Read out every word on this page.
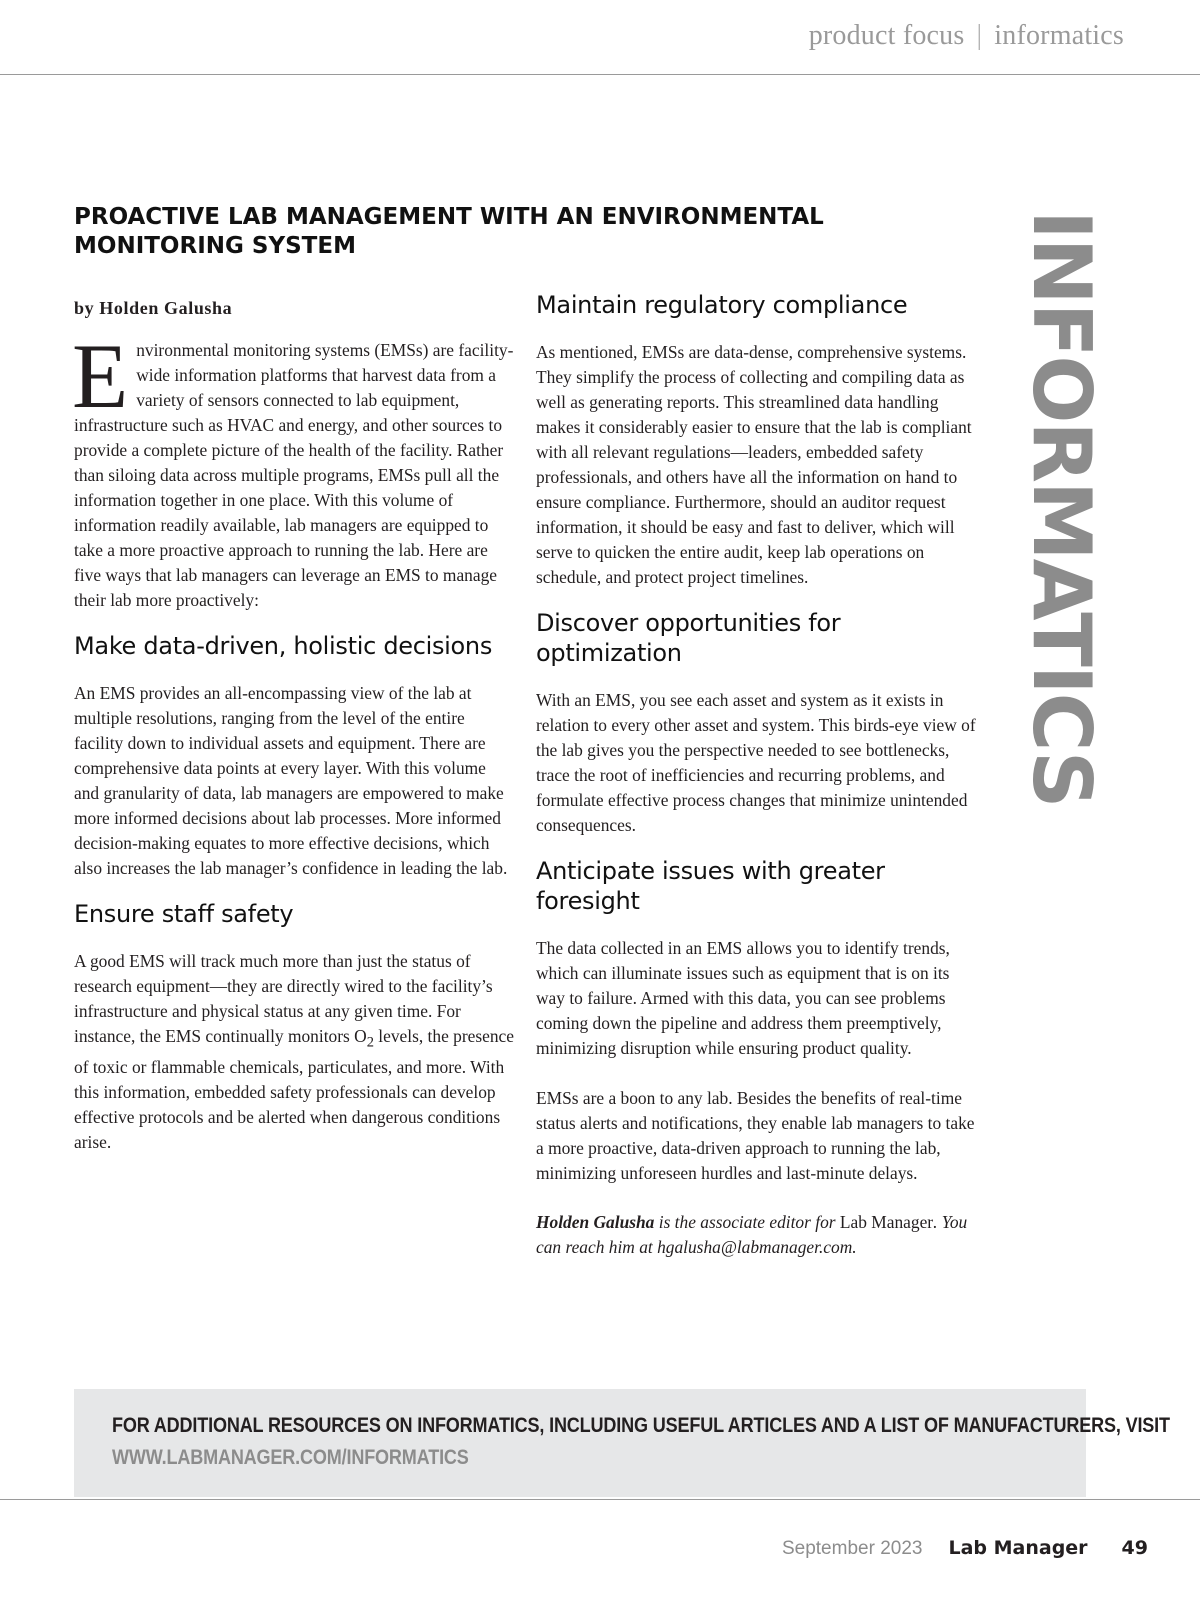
product focus | informatics
INFORMATICS
PROACTIVE LAB MANAGEMENT WITH AN ENVIRONMENTAL MONITORING SYSTEM

by Holden Galusha

Environmental monitoring systems (EMSs) are facility-wide information platforms that harvest data from a variety of sensors connected to lab equipment, infrastructure such as HVAC and energy, and other sources to provide a complete picture of the health of the facility. Rather than siloing data across multiple programs, EMSs pull all the information together in one place. With this volume of information readily available, lab managers are equipped to take a more proactive approach to running the lab. Here are five ways that lab managers can leverage an EMS to manage their lab more proactively:

Make data-driven, holistic decisions

An EMS provides an all-encompassing view of the lab at multiple resolutions, ranging from the level of the entire facility down to individual assets and equipment. There are comprehensive data points at every layer. With this volume and granularity of data, lab managers are empowered to make more informed decisions about lab processes. More informed decision-making equates to more effective decisions, which also increases the lab manager’s confidence in leading the lab.

Ensure staff safety

A good EMS will track much more than just the status of research equipment—they are directly wired to the facility’s infrastructure and physical status at any given time. For instance, the EMS continually monitors $O_2$ levels, the presence of toxic or flammable chemicals, particulates, and more. With this information, embedded safety professionals can develop effective protocols and be alerted when dangerous conditions arise.

Maintain regulatory compliance

As mentioned, EMSs are data-dense, comprehensive systems. They simplify the process of collecting and compiling data as well as generating reports. This streamlined data handling makes it considerably easier to ensure that the lab is compliant with all relevant regulations—leaders, embedded safety professionals, and others have all the information on hand to ensure compliance. Furthermore, should an auditor request information, it should be easy and fast to deliver, which will serve to quicken the entire audit, keep lab operations on schedule, and protect project timelines.

Discover opportunities for optimization

With an EMS, you see each asset and system as it exists in relation to every other asset and system. This birds-eye view of the lab gives you the perspective needed to see bottlenecks, trace the root of inefficiencies and recurring problems, and formulate effective process changes that minimize unintended consequences.

Anticipate issues with greater foresight

The data collected in an EMS allows you to identify trends, which can illuminate issues such as equipment that is on its way to failure. Armed with this data, you can see problems coming down the pipeline and address them preemptively, minimizing disruption while ensuring product quality.

EMSs are a boon to any lab. Besides the benefits of real-time status alerts and notifications, they enable lab managers to take a more proactive, data-driven approach to running the lab, minimizing unforeseen hurdles and last-minute delays.

Holden Galusha is the associate editor for Lab Manager. You can reach him at hgalusha@labmanager.com.

FOR ADDITIONAL RESOURCES ON INFORMATICS, INCLUDING USEFUL ARTICLES AND A LIST OF MANUFACTURERS, VISIT

WWW.LABMANAGER.COM/INFORMATICS

September 2023 Lab Manager 49
